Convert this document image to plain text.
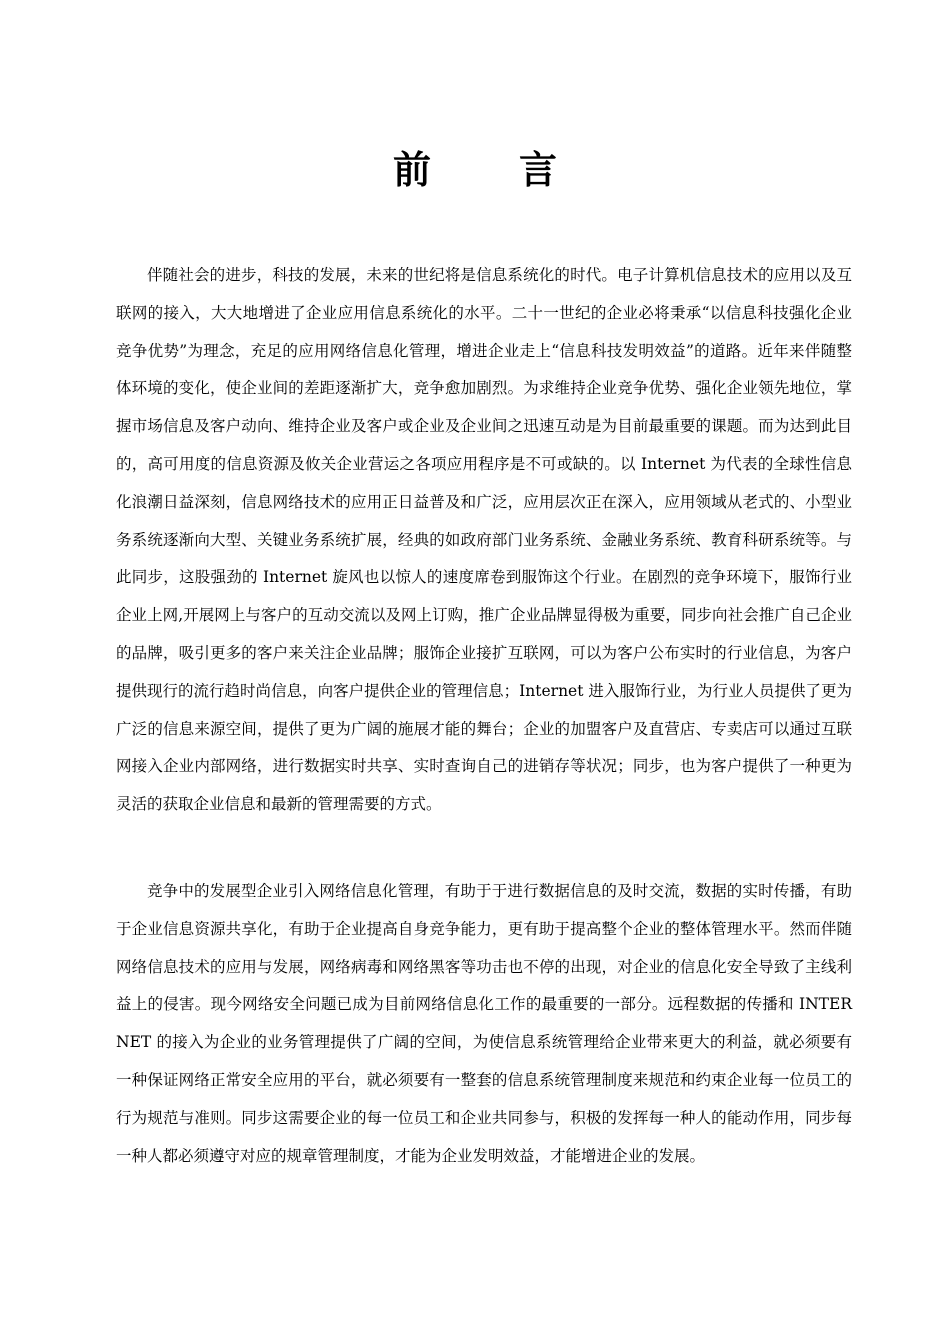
前言

伴随社会的进步，科技的发展，未来的世纪将是信息系统化的时代。电子计算机信息技术的应用以及互联网的接入，大大地增进了企业应用信息系统化的水平。二十一世纪的企业必将秉承“以信息科技强化企业竞争优势”为理念，充足的应用网络信息化管理，增进企业走上“信息科技发明效益”的道路。近年来伴随整体环境的变化，使企业间的差距逐渐扩大，竞争愈加剧烈。为求维持企业竞争优势、强化企业领先地位，掌握市场信息及客户动向、维持企业及客户或企业及企业间之迅速互动是为目前最重要的课题。而为达到此目的，高可用度的信息资源及攸关企业营运之各项应用程序是不可或缺的。以 Internet 为代表的全球性信息化浪潮日益深刻，信息网络技术的应用正日益普及和广泛，应用层次正在深入，应用领域从老式的、小型业务系统逐渐向大型、关键业务系统扩展，经典的如政府部门业务系统、金融业务系统、教育科研系统等。与此同步，这股强劲的 Internet 旋风也以惊人的速度席卷到服饰这个行业。在剧烈的竞争环境下，服饰行业企业上网,开展网上与客户的互动交流以及网上订购，推广企业品牌显得极为重要，同步向社会推广自己企业的品牌，吸引更多的客户来关注企业品牌；服饰企业接扩互联网，可以为客户公布实时的行业信息，为客户提供现行的流行趋时尚信息，向客户提供企业的管理信息；Internet 进入服饰行业，为行业人员提供了更为广泛的信息来源空间，提供了更为广阔的施展才能的舞台；企业的加盟客户及直营店、专卖店可以通过互联网接入企业内部网络，进行数据实时共享、实时查询自己的进销存等状况；同步，也为客户提供了一种更为灵活的获取企业信息和最新的管理需要的方式。

竞争中的发展型企业引入网络信息化管理，有助于于进行数据信息的及时交流，数据的实时传播，有助于企业信息资源共享化，有助于企业提高自身竞争能力，更有助于提高整个企业的整体管理水平。然而伴随网络信息技术的应用与发展，网络病毒和网络黑客等功击也不停的出现，对企业的信息化安全导致了主线利益上的侵害。现今网络安全问题已成为目前网络信息化工作的最重要的一部分。远程数据的传播和 INTERNET 的接入为企业的业务管理提供了广阔的空间，为使信息系统管理给企业带来更大的利益，就必须要有一种保证网络正常安全应用的平台，就必须要有一整套的信息系统管理制度来规范和约束企业每一位员工的行为规范与准则。同步这需要企业的每一位员工和企业共同参与，积极的发挥每一种人的能动作用，同步每一种人都必须遵守对应的规章管理制度，才能为企业发明效益，才能增进企业的发展。
